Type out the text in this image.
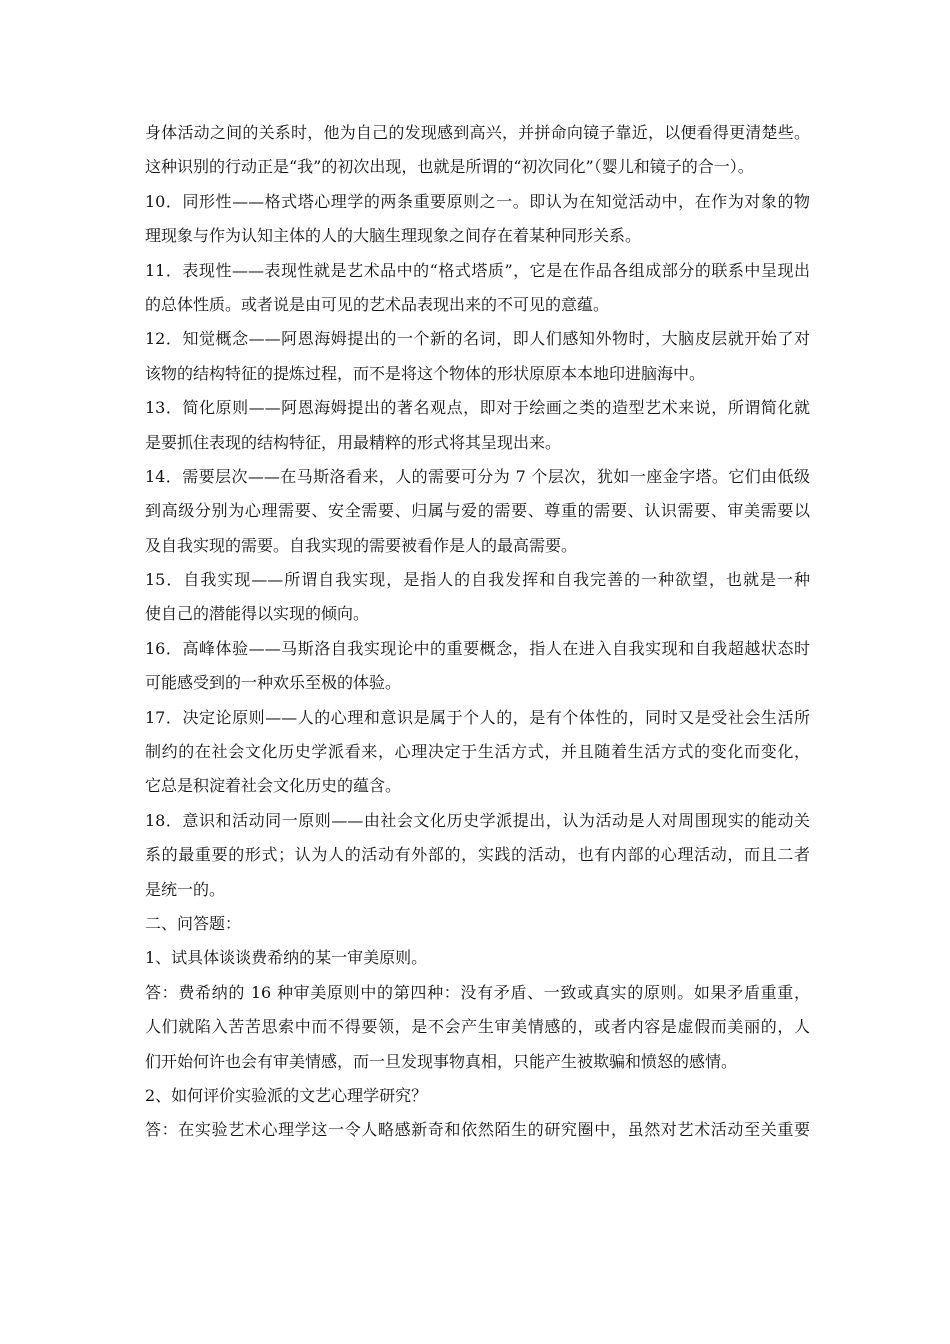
身体活动之间的关系时，他为自己的发现感到高兴，并拼命向镜子靠近，以便看得更清楚些。
这种识别的行动正是“我”的初次出现，也就是所谓的“初次同化”（婴儿和镜子的合一）。
10．同形性——格式塔心理学的两条重要原则之一。即认为在知觉活动中，在作为对象的物
理现象与作为认知主体的人的大脑生理现象之间存在着某种同形关系。
11．表现性——表现性就是艺术品中的“格式塔质”，它是在作品各组成部分的联系中呈现出
的总体性质。或者说是由可见的艺术品表现出来的不可见的意蕴。
12．知觉概念——阿恩海姆提出的一个新的名词，即人们感知外物时，大脑皮层就开始了对
该物的结构特征的提炼过程，而不是将这个物体的形状原原本本地印进脑海中。
13．简化原则——阿恩海姆提出的著名观点，即对于绘画之类的造型艺术来说，所谓简化就
是要抓住表现的结构特征，用最精粹的形式将其呈现出来。
14．需要层次——在马斯洛看来，人的需要可分为 7 个层次，犹如一座金字塔。它们由低级
到高级分别为心理需要、安全需要、归属与爱的需要、尊重的需要、认识需要、审美需要以
及自我实现的需要。自我实现的需要被看作是人的最高需要。
15．自我实现——所谓自我实现，是指人的自我发挥和自我完善的一种欲望，也就是一种
使自己的潜能得以实现的倾向。
16．高峰体验——马斯洛自我实现论中的重要概念，指人在进入自我实现和自我超越状态时
可能感受到的一种欢乐至极的体验。
17．决定论原则——人的心理和意识是属于个人的，是有个体性的，同时又是受社会生活所
制约的在社会文化历史学派看来，心理决定于生活方式，并且随着生活方式的变化而变化，
它总是积淀着社会文化历史的蕴含。
18．意识和活动同一原则——由社会文化历史学派提出，认为活动是人对周围现实的能动关
系的最重要的形式；认为人的活动有外部的，实践的活动，也有内部的心理活动，而且二者
是统一的。
二、问答题：
1、试具体谈谈费希纳的某一审美原则。
答：费希纳的 16 种审美原则中的第四种：没有矛盾、一致或真实的原则。如果矛盾重重，
人们就陷入苦苦思索中而不得要领，是不会产生审美情感的，或者内容是虚假而美丽的，人
们开始何许也会有审美情感，而一旦发现事物真相，只能产生被欺骗和愤怒的感情。
2、如何评价实验派的文艺心理学研究？
答：在实验艺术心理学这一令人略感新奇和依然陌生的研究圈中，虽然对艺术活动至关重要
